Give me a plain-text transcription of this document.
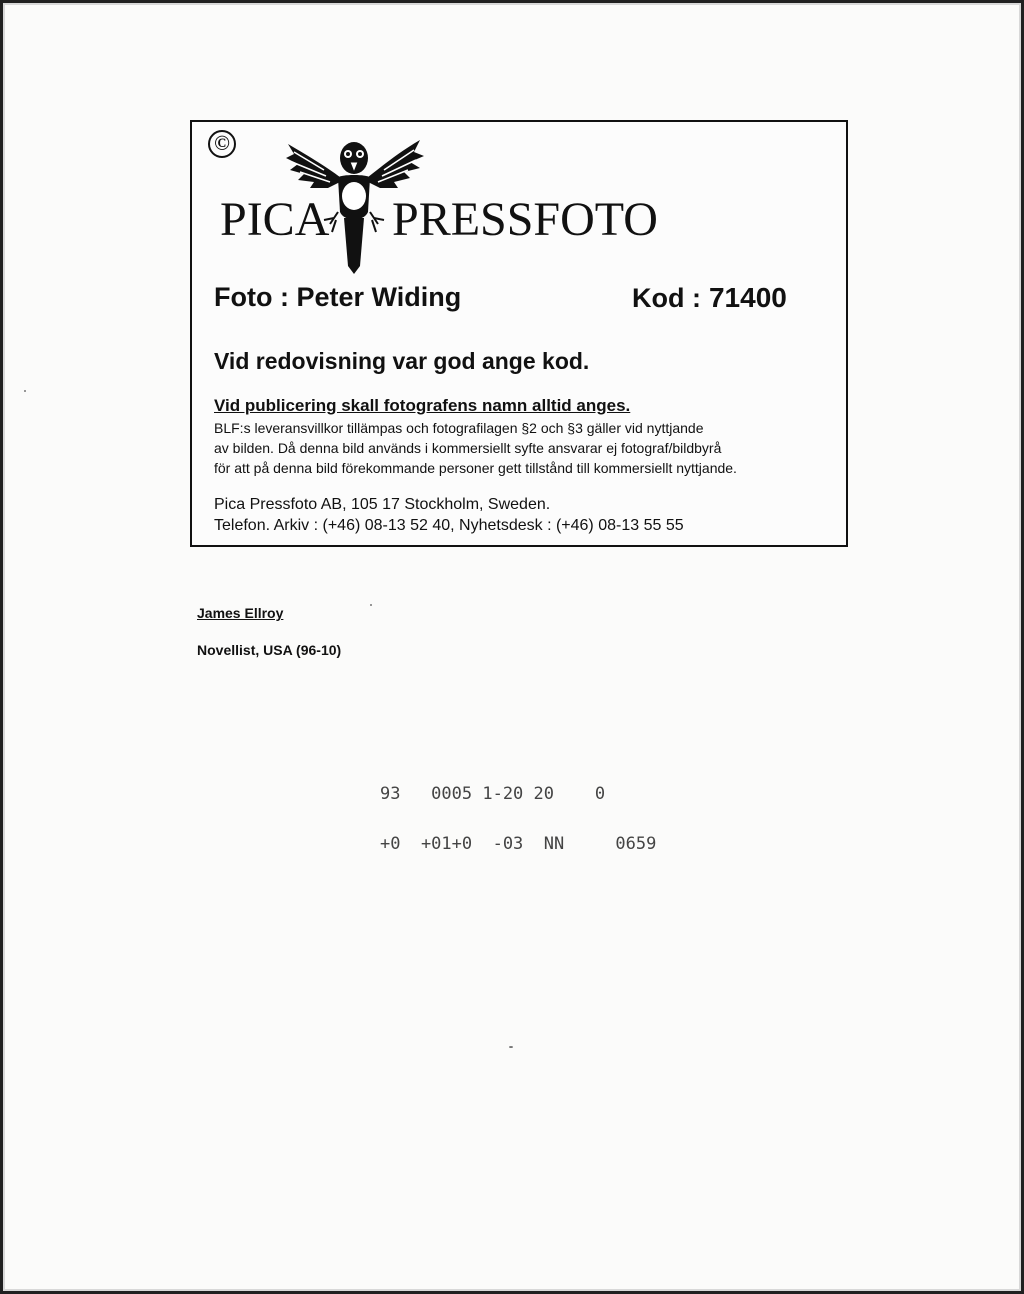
©
PICA PRESSFOTO
Foto : Peter Widing	Kod : 71400
Vid redovisning var god ange kod.
Vid publicering skall fotografens namn alltid anges.
BLF:s leveransvillkor tillämpas och fotografilagen §2 och §3 gäller vid nyttjande
av bilden. Då denna bild används i kommersiellt syfte ansvarar ej fotograf/bildbyrå
för att på denna bild förekommande personer gett tillstånd till kommersiellt nyttjande.
Pica Pressfoto AB, 105 17 Stockholm, Sweden.
Telefon. Arkiv : (+46) 08-13 52 40, Nyhetsdesk : (+46) 08-13 55 55
James Ellroy
Novellist, USA (96-10)
93   0005 1-20 20    0
+0  +01+0  -03  NN     0659
